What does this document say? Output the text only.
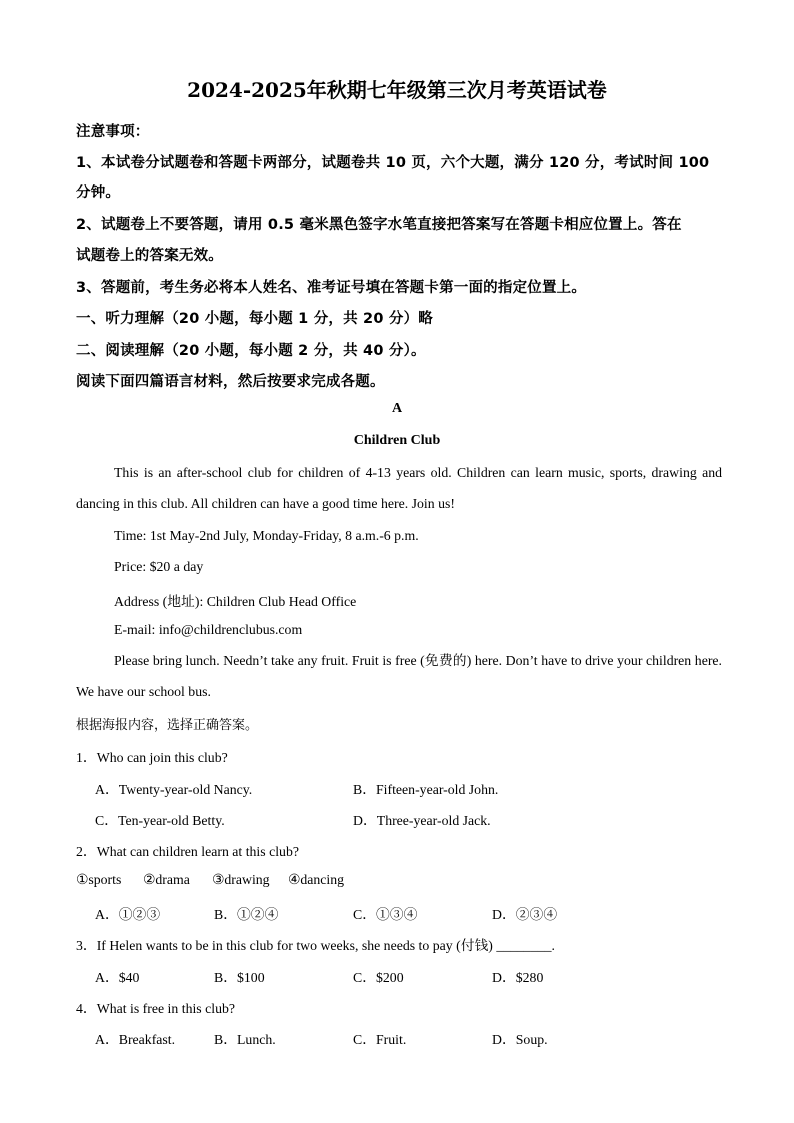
2024-2025年秋期七年级第三次月考英语试卷
注意事项：
1、本试卷分试题卷和答题卡两部分，试题卷共 10 页，六个大题，满分 120 分，考试时间 100
分钟。
2、试题卷上不要答题，请用 0.5 毫米黑色签字水笔直接把答案写在答题卡相应位置上。答在
试题卷上的答案无效。
3、答题前，考生务必将本人姓名、准考证号填在答题卡第一面的指定位置上。
一、听力理解（20 小题，每小题 1 分，共 20 分）略
二、阅读理解（20 小题，每小题 2 分，共 40 分）。
阅读下面四篇语言材料，然后按要求完成各题。
A
Children Club
This is an after-school club for children of 4-13 years old. Children can learn music, sports, drawing and dancing in this club. All children can have a good time here. Join us!
Time: 1st May-2nd July, Monday-Friday, 8 a.m.-6 p.m.
Price: $20 a day
Address (地址): Children Club Head Office
E-mail: info@childrenclubus.com
Please bring lunch. Needn’t take any fruit. Fruit is free (免费的) here. Don’t have to drive your children here. We have our school bus.
根据海报内容，选择正确答案。
1．Who can join this club?
A．Twenty-year-old Nancy.	B．Fifteen-year-old John.
C．Ten-year-old Betty.	D．Three-year-old Jack.
2．What can children learn at this club?
①sports ②drama ③drawing ④dancing
A．①②③	B．①②④	C．①③④	D．②③④
3．If Helen wants to be in this club for two weeks, she needs to pay (付钱) ________.
A．$40	B．$100	C．$200	D．$280
4．What is free in this club?
A．Breakfast.	B．Lunch.	C．Fruit.	D．Soup.
